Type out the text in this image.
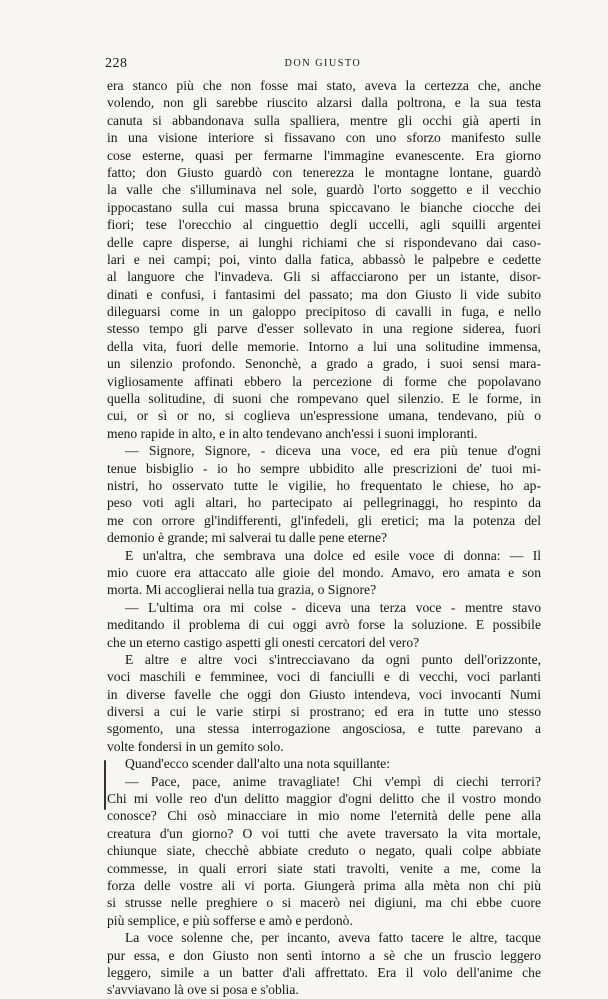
228	DON GIUSTO
era stanco più che non fosse mai stato, aveva la certezza che, anche
volendo, non gli sarebbe riuscito alzarsi dalla poltrona, e la sua testa
canuta si abbandonava sulla spalliera, mentre gli occhi già aperti in
in una visione interiore si fissavano con uno sforzo manifesto sulle
cose esterne, quasi per fermarne l'immagine evanescente. Era giorno
fatto; don Giusto guardò con tenerezza le montagne lontane, guardò
la valle che s'illuminava nel sole, guardò l'orto soggetto e il vecchio
ippocastano sulla cui massa bruna spiccavano le bianche ciocche dei
fiori; tese l'orecchio al cinguettio degli uccelli, agli squilli argentei
delle capre disperse, ai lunghi richiami che si rispondevano dai caso-
lari e nei campi; poi, vinto dalla fatica, abbassò le palpebre e cedette
al languore che l'invadeva. Gli si affacciarono per un istante, disor-
dinati e confusi, i fantasimi del passato; ma don Giusto li vide subito
dileguarsi come in un galoppo precipitoso di cavalli in fuga, e nello
stesso tempo gli parve d'esser sollevato in una regione siderea, fuori
della vita, fuori delle memorie. Intorno a lui una solitudine immensa,
un silenzio profondo. Senonchè, a grado a grado, i suoi sensi mara-
vigliosamente affinati ebbero la percezione di forme che popolavano
quella solitudine, di suoni che rompevano quel silenzio. E le forme, in
cui, or sì or no, si coglieva un'espressione umana, tendevano, più o
meno rapide in alto, e in alto tendevano anch'essi i suoni imploranti.
— Signore, Signore, - diceva una voce, ed era più tenue d'ogni
tenue bisbiglio - io ho sempre ubbidito alle prescrizioni de' tuoi mi-
nistri, ho osservato tutte le vigilie, ho frequentato le chiese, ho ap-
peso voti agli altari, ho partecipato ai pellegrinaggi, ho respinto da
me con orrore gl'indifferenti, gl'infedeli, gli eretici; ma la potenza del
demonio è grande; mi salverai tu dalle pene eterne?
E un'altra, che sembrava una dolce ed esile voce di donna: — Il
mio cuore era attaccato alle gioie del mondo. Amavo, ero amata e son
morta. Mi accoglierai nella tua grazia, o Signore?
— L'ultima ora mi colse - diceva una terza voce - mentre stavo
meditando il problema di cui oggi avrò forse la soluzione. E possibile
che un eterno castigo aspetti gli onesti cercatori del vero?
E altre e altre voci s'intrecciavano da ogni punto dell'orizzonte,
voci maschili e femminee, voci di fanciulli e di vecchi, voci parlanti
in diverse favelle che oggi don Giusto intendeva, voci invocanti Numi
diversi a cui le varie stirpi si prostrano; ed era in tutte uno stesso
sgomento, una stessa interrogazione angosciosa, e tutte parevano a
volte fondersi in un gemito solo.
Quand'ecco scender dall'alto una nota squillante:
— Pace, pace, anime travagliate! Chi v'empì di ciechi terrori?
Chi mi volle reo d'un delitto maggior d'ogni delitto che il vostro mondo
conosce? Chi osò minacciare in mio nome l'eternità delle pene alla
creatura d'un giorno? O voi tutti che avete traversato la vita mortale,
chiunque siate, checchè abbiate creduto o negato, quali colpe abbiate
commesse, in quali errori siate stati travolti, venite a me, come la
forza delle vostre ali vi porta. Giungerà prima alla mèta non chi più
si strusse nelle preghiere o si macerò nei digiuni, ma chi ebbe cuore
più semplice, e più sofferse e amò e perdonò.
La voce solenne che, per incanto, aveva fatto tacere le altre, tacque
pur essa, e don Giusto non sentì intorno a sè che un fruscìo leggero
leggero, simile a un batter d'ali affrettato. Era il volo dell'anime che
s'avviavano là ove si posa e s'oblia.
